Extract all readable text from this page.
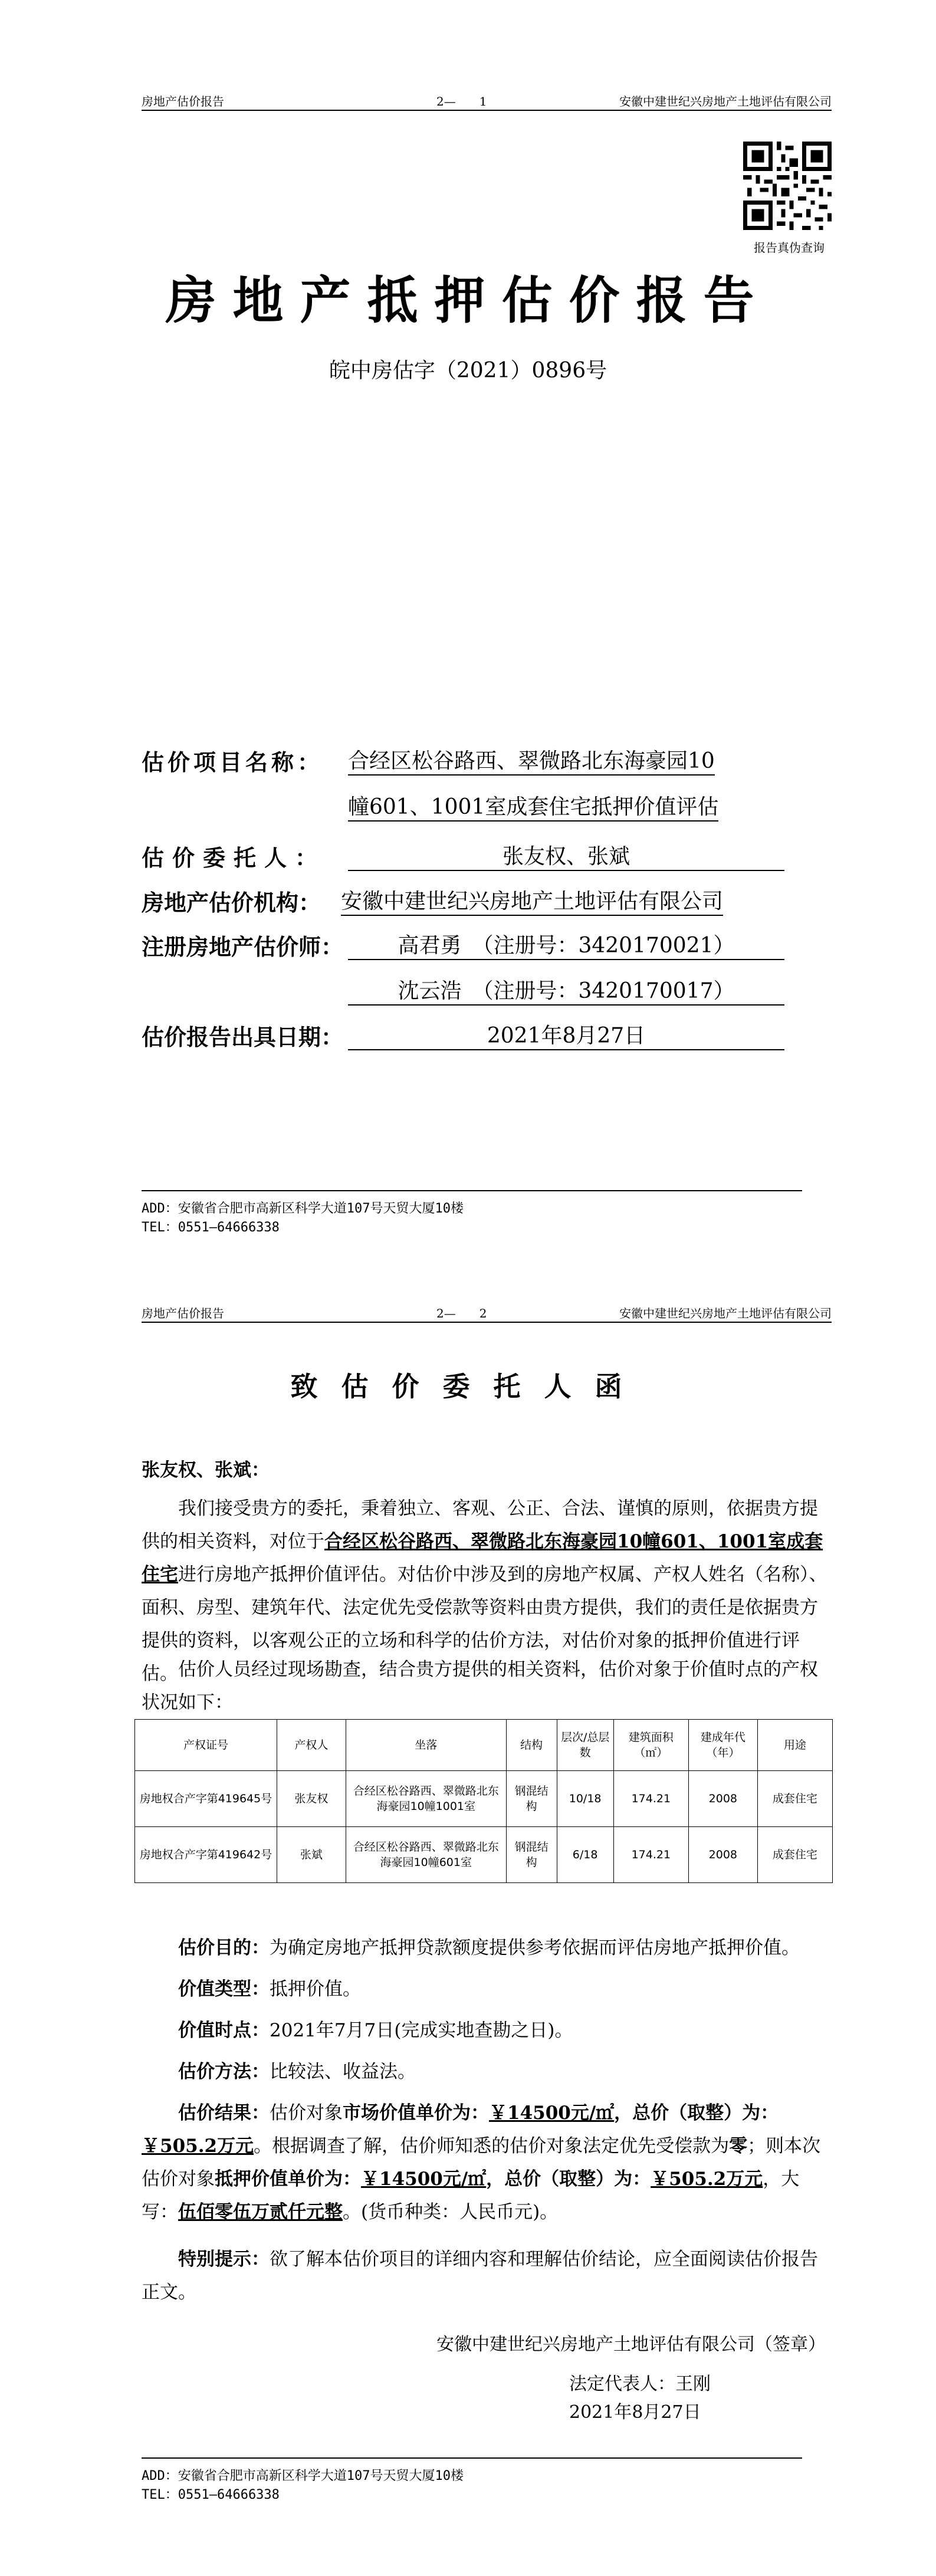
房地产估价报告	2—　　1	安徽中建世纪兴房地产土地评估有限公司
报告真伪查询
房地产抵押估价报告
皖中房估字（2021）0896号
估价项目名称： 合经区松谷路西、翠微路北东海豪园10
幢601、1001室成套住宅抵押价值评估
估价委托人：	张友权、张斌
房地产估价机构： 安徽中建世纪兴房地产土地评估有限公司
注册房地产估价师：	高君勇　（注册号：3420170021）
沈云浩　（注册号：3420170017）
估价报告出具日期：	2021年8月27日
ADD：安徽省合肥市高新区科学大道107号天贸大厦10楼
TEL：0551—64666338
房地产估价报告	2—　　2	安徽中建世纪兴房地产土地评估有限公司
致估价委托人函
张友权、张斌：
我们接受贵方的委托，秉着独立、客观、公正、合法、谨慎的原则，依据贵方提供的相关资料，对位于合经区松谷路西、翠微路北东海豪园10幢601、1001室成套住宅进行房地产抵押价值评估。对估价中涉及到的房地产权属、产权人姓名（名称）、面积、房型、建筑年代、法定优先受偿款等资料由贵方提供，我们的责任是依据贵方提供的资料，以客观公正的立场和科学的估价方法，对估价对象的抵押价值进行评估。 估价人员经过现场勘查，结合贵方提供的相关资料，估价对象于价值时点的产权状况如下：
产权证号	产权人	坐落	结构	层次/总层数	建筑面积（㎡）	建成年代（年）	用途
房地权合产字第419645号	张友权	合经区松谷路西、翠微路北东海豪园10幢1001室	钢混结构	10/18	174.21	2008	成套住宅
房地权合产字第419642号	张斌	合经区松谷路西、翠微路北东海豪园10幢601室	钢混结构	6/18	174.21	2008	成套住宅
估价目的：为确定房地产抵押贷款额度提供参考依据而评估房地产抵押价值。
价值类型：抵押价值。
价值时点：2021年7月7日(完成实地查勘之日)。
估价方法：比较法、收益法。
估价结果：估价对象市场价值单价为：￥14500元/㎡，总价（取整）为：￥505.2万元。根据调查了解，估价师知悉的估价对象法定优先受偿款为零；则本次估价对象抵押价值单价为：￥14500元/㎡，总价（取整）为：￥505.2万元，大写：伍佰零伍万贰仟元整。(货币种类：人民币元)。
特别提示：欲了解本估价项目的详细内容和理解估价结论，应全面阅读估价报告正文。
安徽中建世纪兴房地产土地评估有限公司（签章）
法定代表人：王刚
2021年8月27日
ADD：安徽省合肥市高新区科学大道107号天贸大厦10楼
TEL：0551—64666338
